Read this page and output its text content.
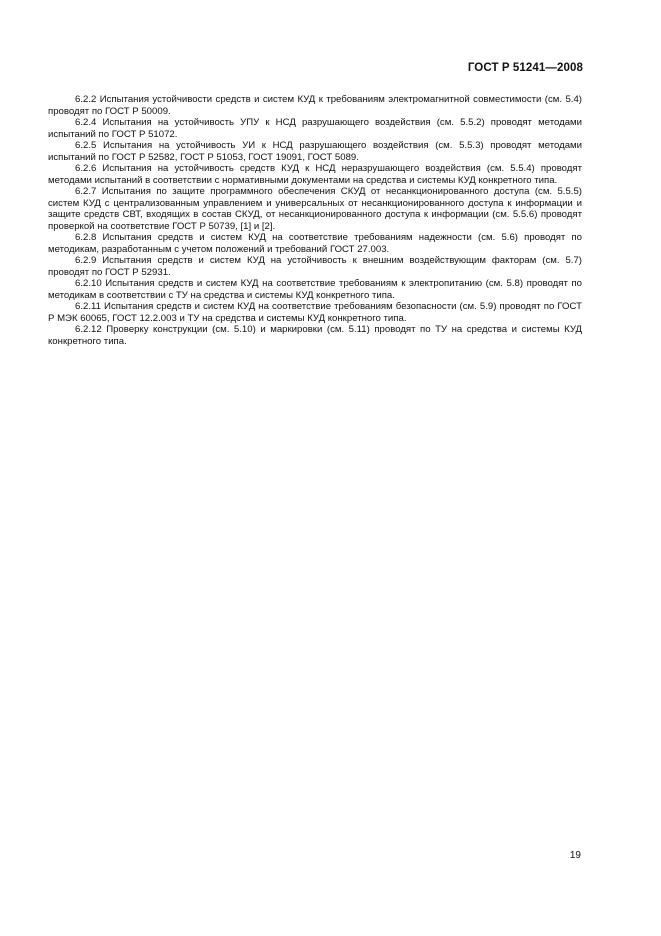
ГОСТ Р 51241—2008

6.2.2 Испытания устойчивости средств и систем КУД к требованиям электромагнитной совместимости (см. 5.4) проводят по ГОСТ Р 50009.

6.2.4 Испытания на устойчивость УПУ к НСД разрушающего воздействия (см. 5.5.2) проводят методами испытаний по ГОСТ Р 51072.

6.2.5 Испытания на устойчивость УИ к НСД разрушающего воздействия (см. 5.5.3) проводят методами испытаний по ГОСТ Р 52582, ГОСТ Р 51053, ГОСТ 19091, ГОСТ 5089.

6.2.6 Испытания на устойчивость средств КУД к НСД неразрушающего воздействия (см. 5.5.4) проводят методами испытаний в соответствии с нормативными документами на средства и системы КУД конкретного типа.

6.2.7 Испытания по защите программного обеспечения СКУД от несанкционированного доступа (см. 5.5.5) систем КУД с централизованным управлением и универсальных от несанкционированного доступа к информации и защите средств СВТ, входящих в состав СКУД, от несанкционированного доступа к информации (см. 5.5.6) проводят проверкой на соответствие ГОСТ Р 50739, [1] и [2].

6.2.8 Испытания средств и систем КУД на соответствие требованиям надежности (см. 5.6) проводят по методикам, разработанным с учетом положений и требований ГОСТ 27.003.

6.2.9 Испытания средств и систем КУД на устойчивость к внешним воздействующим факторам (см. 5.7) проводят по ГОСТ Р 52931.

6.2.10 Испытания средств и систем КУД на соответствие требованиям к электропитанию (см. 5.8) проводят по методикам в соответствии с ТУ на средства и системы КУД конкретного типа.

6.2.11 Испытания средств и систем КУД на соответствие требованиям безопасности (см. 5.9) проводят по ГОСТ Р МЭК 60065, ГОСТ 12.2.003 и ТУ на средства и системы КУД конкретного типа.

6.2.12 Проверку конструкции (см. 5.10) и маркировки (см. 5.11) проводят по ТУ на средства и системы КУД конкретного типа.

19
